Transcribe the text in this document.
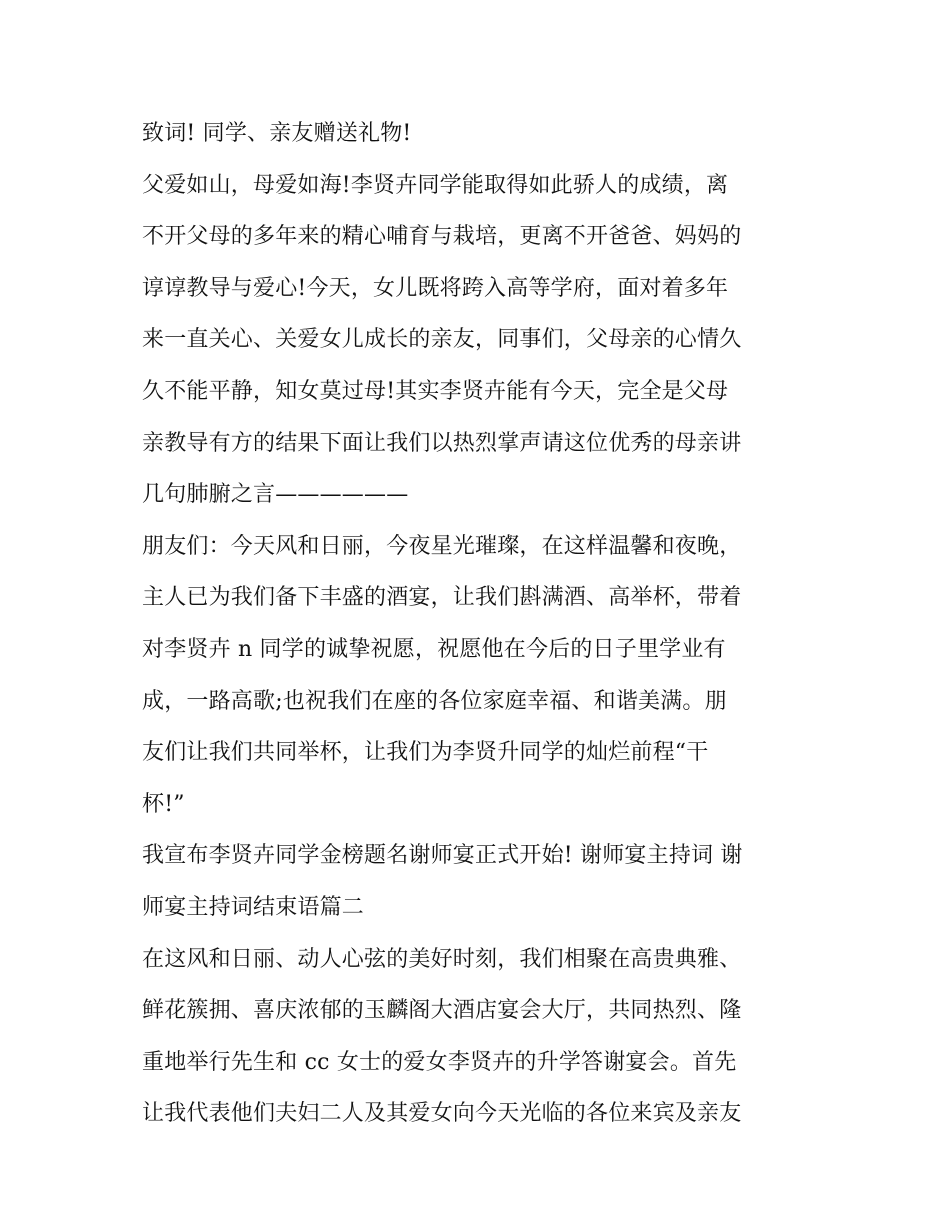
致词! 同学、亲友赠送礼物!
父爱如山，母爱如海!李贤卉同学能取得如此骄人的成绩，离
不开父母的多年来的精心哺育与栽培，更离不开爸爸、妈妈的
谆谆教导与爱心!今天，女儿既将跨入高等学府，面对着多年
来一直关心、关爱女儿成长的亲友，同事们，父母亲的心情久
久不能平静，知女莫过母!其实李贤卉能有今天，完全是父母
亲教导有方的结果下面让我们以热烈掌声请这位优秀的母亲讲
几句肺腑之言——————
朋友们：今天风和日丽，今夜星光璀璨，在这样温馨和夜晚，
主人已为我们备下丰盛的酒宴，让我们斟满酒、高举杯，带着
对李贤卉 n 同学的诚挚祝愿，祝愿他在今后的日子里学业有
成，一路高歌;也祝我们在座的各位家庭幸福、和谐美满。朋
友们让我们共同举杯，让我们为李贤升同学的灿烂前程“干
杯!”
我宣布李贤卉同学金榜题名谢师宴正式开始! 谢师宴主持词 谢
师宴主持词结束语篇二
在这风和日丽、动人心弦的美好时刻，我们相聚在高贵典雅、
鲜花簇拥、喜庆浓郁的玉麟阁大酒店宴会大厅，共同热烈、隆
重地举行先生和 cc 女士的爱女李贤卉的升学答谢宴会。首先
让我代表他们夫妇二人及其爱女向今天光临的各位来宾及亲友
